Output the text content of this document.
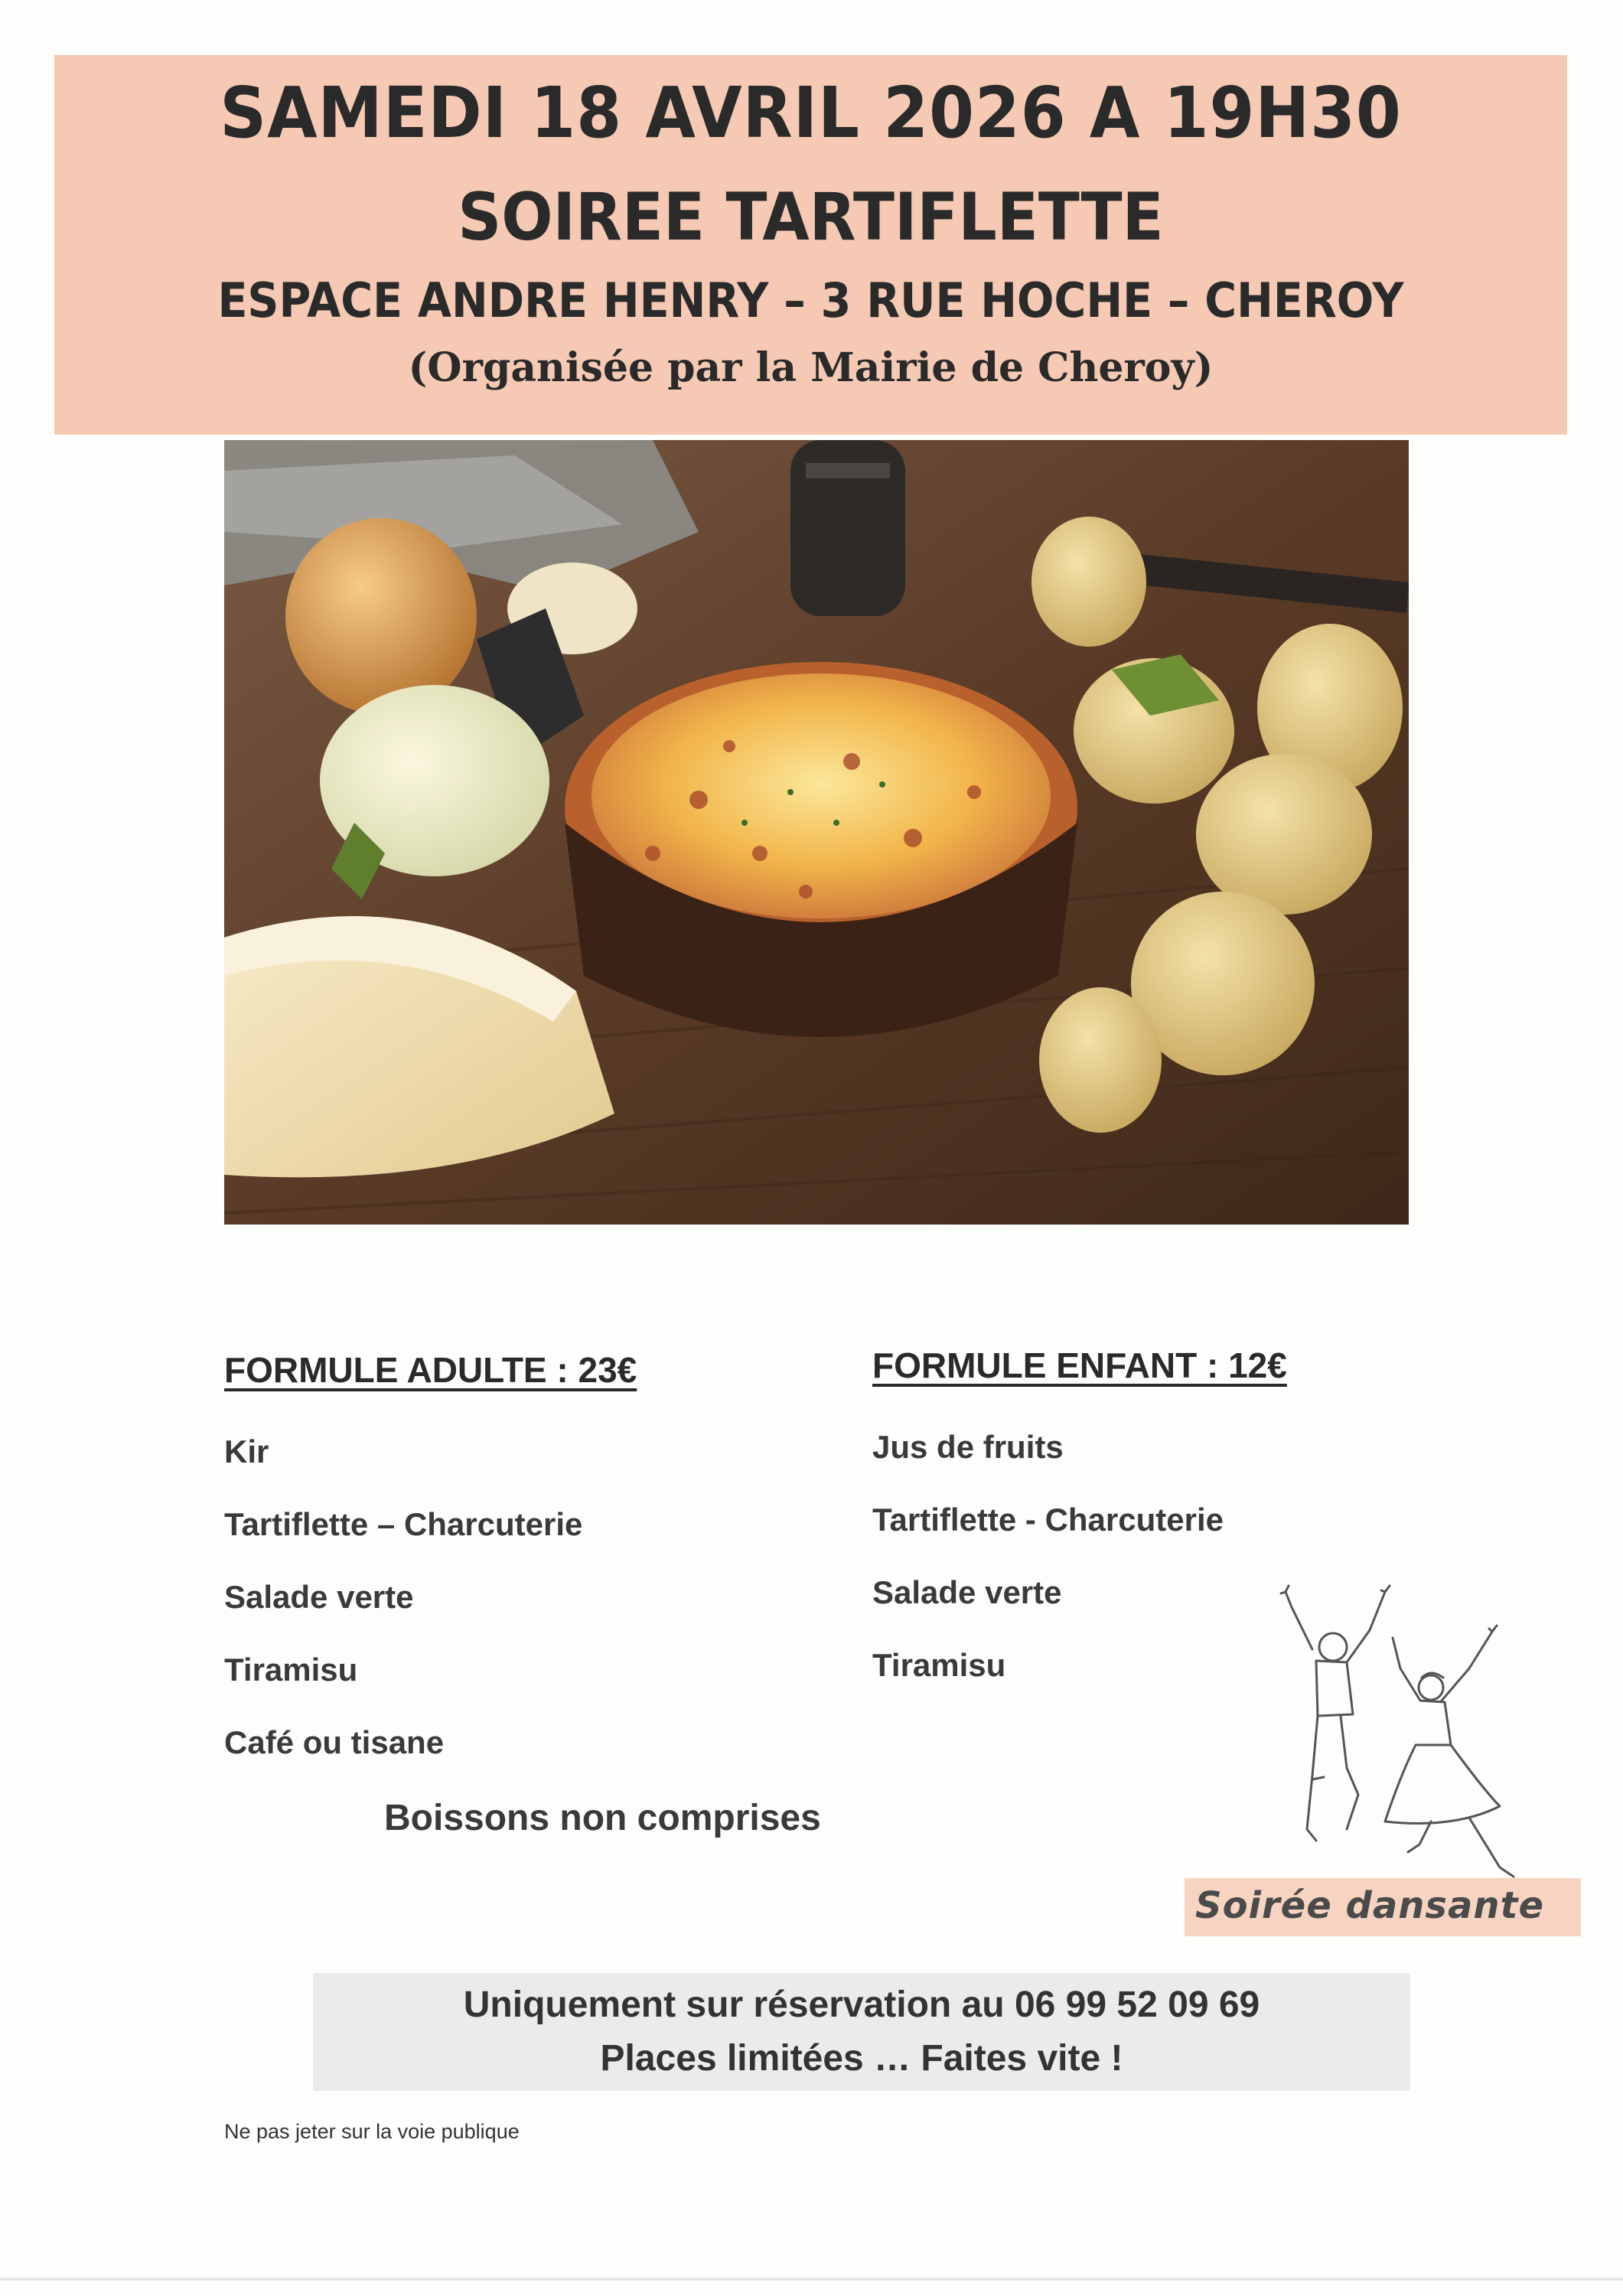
SAMEDI 18 AVRIL 2026 A 19H30
SOIREE TARTIFLETTE
ESPACE ANDRE HENRY – 3 RUE HOCHE – CHEROY
(Organisée par la Mairie de Cheroy)
FORMULE ADULTE : 23€
Kir
Tartiflette – Charcuterie
Salade verte
Tiramisu
Café ou tisane
FORMULE ENFANT : 12€
Jus de fruits
Tartiflette - Charcuterie
Salade verte
Tiramisu
Boissons non comprises
Soirée dansante
Uniquement sur réservation au 06 99 52 09 69
Places limitées … Faites vite !
Ne pas jeter sur la voie publique
